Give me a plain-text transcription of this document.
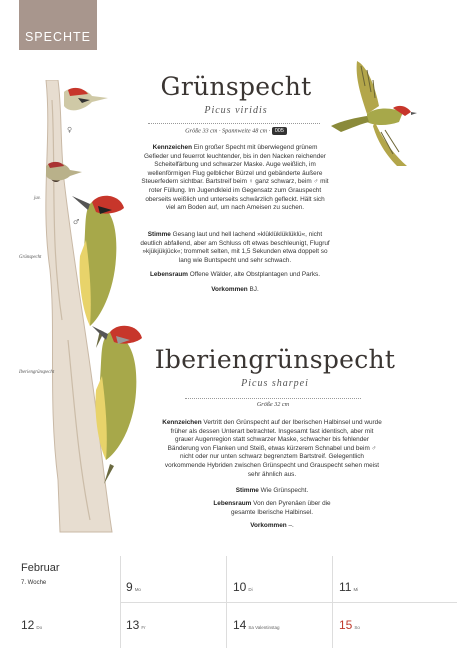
SPECHTE
♀
juv.
♂
Grünspecht
Iberiengrünspecht
Grünspecht
Picus viridis
Größe 33 cm · Spannweite 48 cm · 005
Kennzeichen Ein großer Specht mit überwiegend grünem Gefieder und feuerrot leuchtender, bis in den Nacken reichender Scheitelfärbung und schwarzer Maske. Auge weißlich, im wellenförmigen Flug gelblicher Bürzel und gebänderte äußere Steuerfedern sichtbar. Bartstreif beim ♀ ganz schwarz, beim ♂ mit roter Füllung. Im Jugendkleid im Gegensatz zum Grauspecht oberseits weißlich und unterseits schwärzlich gefleckt. Hält sich viel am Boden auf, um nach Ameisen zu suchen.
Stimme Gesang laut und hell lachend »klüklüklüklüklü«, nicht deutlich abfallend, aber am Schluss oft etwas beschleunigt, Flugruf »kjükjükjück«; trommelt selten, mit 1,5 Sekunden etwa doppelt so lang wie Buntspecht und sehr schwach.
Lebensraum Offene Wälder, alte Obstplantagen und Parks.
Vorkommen BJ.
Iberiengrünspecht
Picus sharpei
Größe 32 cm
Kennzeichen Vertritt den Grünspecht auf der Iberischen Halbinsel und wurde früher als dessen Unterart betrachtet. Insgesamt fast identisch, aber mit grauer Augenregion statt schwarzer Maske, schwacher bis fehlender Bänderung von Flanken und Steiß, etwas kürzerem Schnabel und beim ♂ nicht oder nur unten schwarz begrenztem Bartstreif. Gelegentlich vorkommende Hybriden zwischen Grünspecht und Grauspecht sehen meist sehr ähnlich aus.
Stimme Wie Grünspecht.
Lebensraum Von den Pyrenäen über die gesamte Iberische Halbinsel.
Vorkommen –.
Februar
7. Woche	9 Mo	10 Di	11 Mi
12 Do	13 Fr	14 Sa Valentinstag	15 So
